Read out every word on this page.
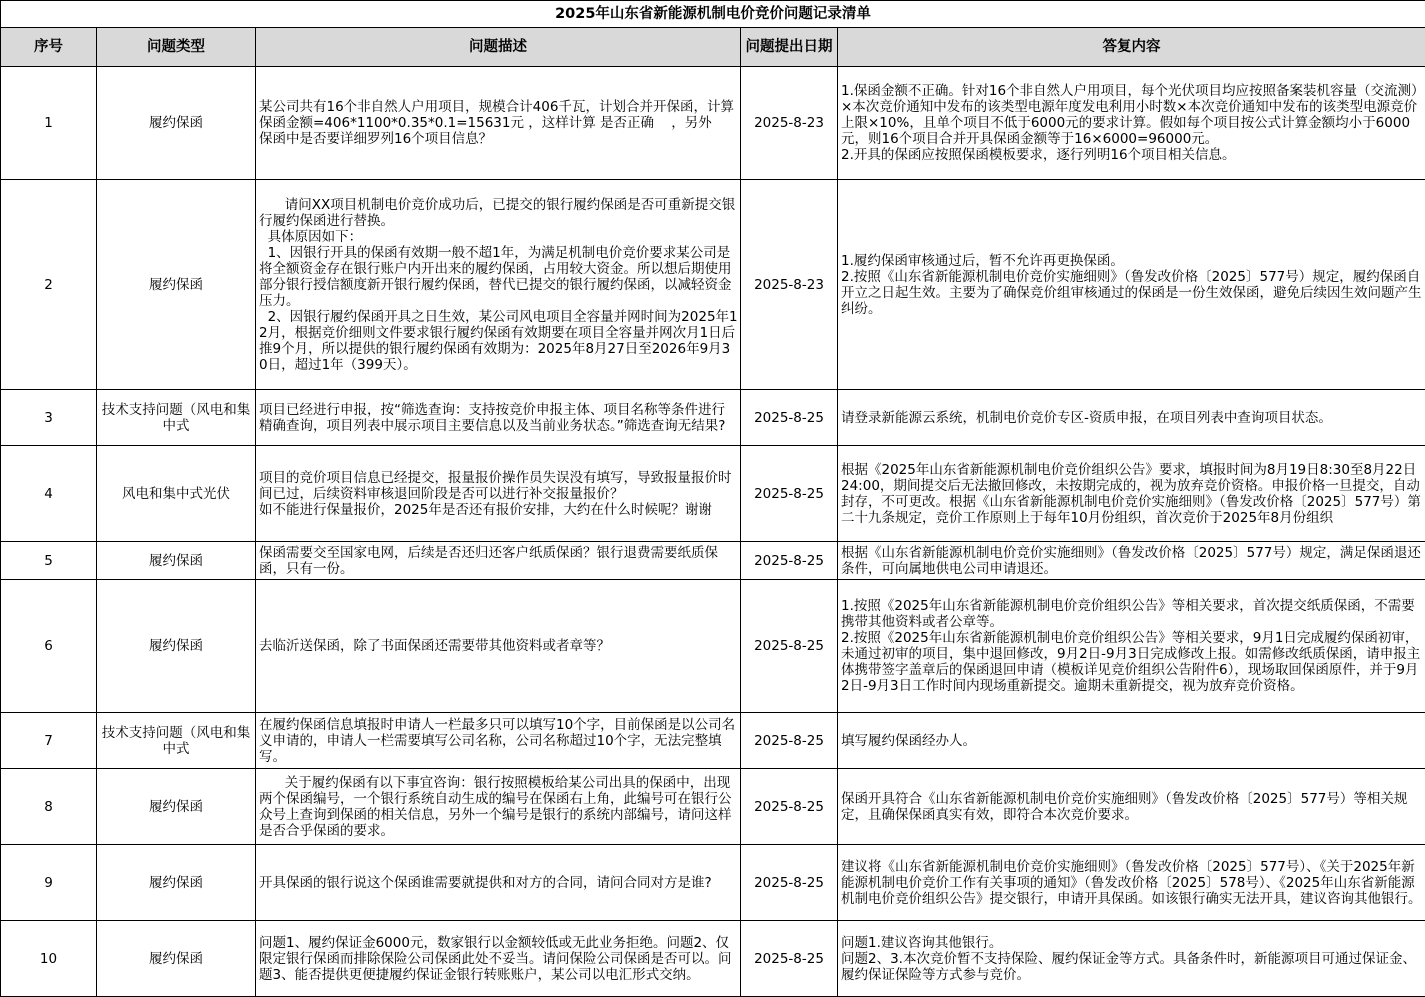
2025年山东省新能源机制电价竞价问题记录清单				
序号	问题类型	问题描述	问题提出日期	答复内容
1	履约保函	某公司共有16个非自然人户用项目，规模合计406千瓦，计划合并开保函，计算保函金额=406*1100*0.35*0.1=15631元 ，这样计算 是否正确    ，另外   保函中是否要详细罗列16个项目信息？	2025-8-23	1.保函金额不正确。针对16个非自然人户用项目，每个光伏项目均应按照备案装机容量（交流测）×本次竞价通知中发布的该类型电源年度发电利用小时数×本次竞价通知中发布的该类型电源竞价上限×10%，且单个项目不低于6000元的要求计算。假如每个项目按公式计算金额均小于6000元，则16个项目合并开具保函金额等于16×6000=96000元。
2.开具的保函应按照保函模板要求，逐行列明16个项目相关信息。
2	履约保函	请问XX项目机制电价竞价成功后，已提交的银行履约保函是否可重新提交银行履约保函进行替换。
具体原因如下：
1、因银行开具的保函有效期一般不超1年，为满足机制电价竞价要求某公司是将全额资金存在银行账户内开出来的履约保函，占用较大资金。所以想后期使用部分银行授信额度新开银行履约保函，替代已提交的银行履约保函，以减轻资金压力。
2、因银行履约保函开具之日生效，某公司风电项目全容量并网时间为2025年12月，根据竞价细则文件要求银行履约保函有效期要在项目全容量并网次月1日后推9个月，所以提供的银行履约保函有效期为：2025年8月27日至2026年9月30日，超过1年（399天）。	2025-8-23	1.履约保函审核通过后，暂不允许再更换保函。
2.按照《山东省新能源机制电价竞价实施细则》（鲁发改价格〔2025〕577号）规定，履约保函自开立之日起生效。主要为了确保竞价组审核通过的保函是一份生效保函，避免后续因生效问题产生纠纷。
3	技术支持问题（风电和集中式	项目已经进行申报，按“筛选查询：支持按竞价申报主体、项目名称等条件进行精确查询，项目列表中展示项目主要信息以及当前业务状态。”筛选查询无结果?	2025-8-25	请登录新能源云系统，机制电价竞价专区-资质申报，在项目列表中查询项目状态。
4	风电和集中式光伏	项目的竞价项目信息已经提交，报量报价操作员失误没有填写，导致报量报价时间已过，后续资料审核退回阶段是否可以进行补交报量报价？
如不能进行保量报价，2025年是否还有报价安排，大约在什么时候呢？谢谢	2025-8-25	根据《2025年山东省新能源机制电价竞价组织公告》要求，填报时间为8月19日8:30至8月22日24:00，期间提交后无法撤回修改，未按期完成的，视为放弃竞价资格。申报价格一旦提交，自动封存，不可更改。根据《山东省新能源机制电价竞价实施细则》（鲁发改价格〔2025〕577号）第二十九条规定，竞价工作原则上于每年10月份组织，首次竞价于2025年8月份组织
5	履约保函	保函需要交至国家电网，后续是否还归还客户纸质保函？银行退费需要纸质保函，只有一份。	2025-8-25	根据《山东省新能源机制电价竞价实施细则》（鲁发改价格〔2025〕577号）规定，满足保函退还条件，可向属地供电公司申请退还。
6	履约保函	去临沂送保函，除了书面保函还需要带其他资料或者章等？	2025-8-25	1.按照《2025年山东省新能源机制电价竞价组织公告》等相关要求，首次提交纸质保函，不需要携带其他资料或者公章等。
2.按照《2025年山东省新能源机制电价竞价组织公告》等相关要求，9月1日完成履约保函初审，未通过初审的项目，集中退回修改，9月2日-9月3日完成修改上报。如需修改纸质保函，请申报主体携带签字盖章后的保函退回申请（模板详见竞价组织公告附件6），现场取回保函原件，并于9月2日-9月3日工作时间内现场重新提交。逾期未重新提交，视为放弃竞价资格。
7	技术支持问题（风电和集中式	在履约保函信息填报时申请人一栏最多只可以填写10个字，目前保函是以公司名义申请的，申请人一栏需要填写公司名称，公司名称超过10个字，无法完整填写。	2025-8-25	填写履约保函经办人。
8	履约保函	关于履约保函有以下事宜咨询：银行按照模板给某公司出具的保函中，出现两个保函编号，一个银行系统自动生成的编号在保函右上角，此编号可在银行公众号上查询到保函的相关信息，另外一个编号是银行的系统内部编号，请问这样是否合乎保函的要求。	2025-8-25	保函开具符合《山东省新能源机制电价竞价实施细则》（鲁发改价格〔2025〕577号）等相关规定，且确保保函真实有效，即符合本次竞价要求。
9	履约保函	开具保函的银行说这个保函谁需要就提供和对方的合同，请问合同对方是谁?	2025-8-25	建议将《山东省新能源机制电价竞价实施细则》（鲁发改价格〔2025〕577号）、《关于2025年新能源机制电价竞价工作有关事项的通知》（鲁发改价格〔2025〕578号）、《2025年山东省新能源机制电价竞价组织公告》提交银行，申请开具保函。如该银行确实无法开具，建议咨询其他银行。
10	履约保函	问题1、履约保证金6000元，数家银行以金额较低或无此业务拒绝。问题2、仅限定银行保函而排除保险公司保函此处不妥当。请问保险公司保函是否可以。问题3、能否提供更便捷履约保证金银行转账账户，某公司以电汇形式交纳。	2025-8-25	问题1.建议咨询其他银行。
问题2、3.本次竞价暂不支持保险、履约保证金等方式。具备条件时，新能源项目可通过保证金、履约保证保险等方式参与竞价。
